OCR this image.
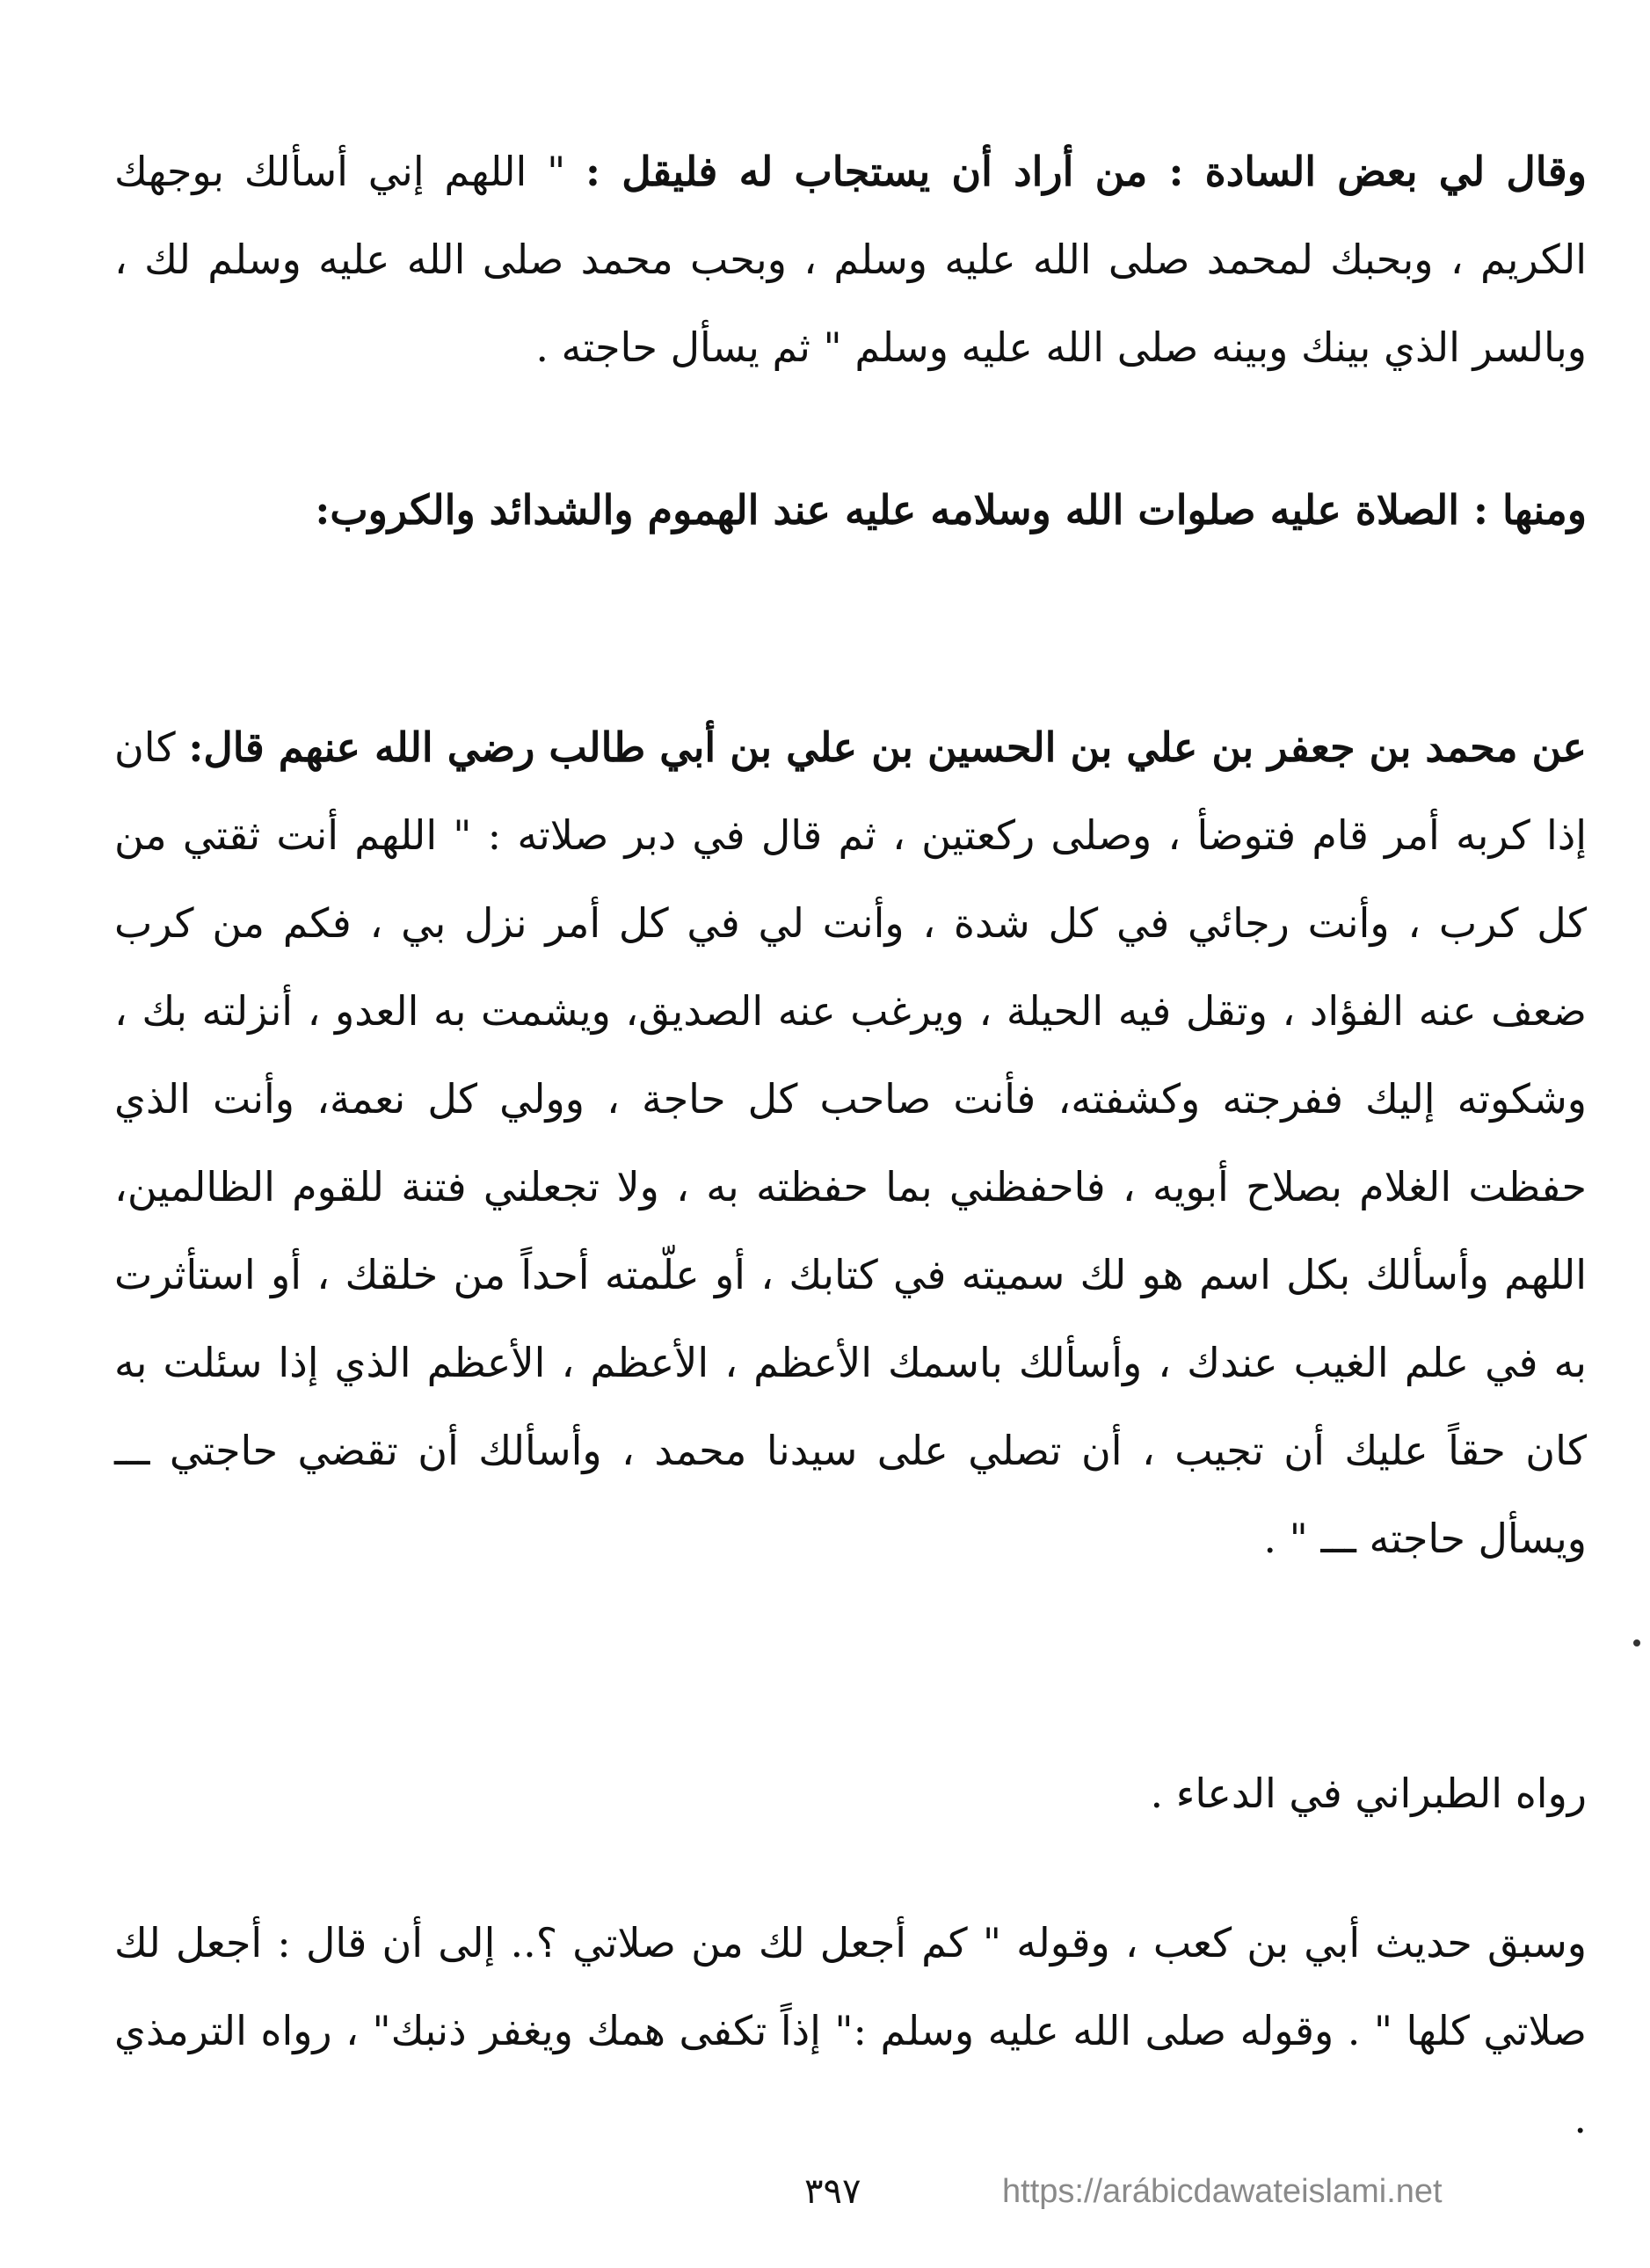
وقال لي بعض السادة : من أراد أن يستجاب له فليقل : " اللهم إني أسألك بوجهك الكريم ، وبحبك لمحمد صلى الله عليه وسلم ، وبحب محمد صلى الله عليه وسلم لك ، وبالسر الذي بينك وبينه صلى الله عليه وسلم " ثم يسأل حاجته .

ومنها : الصلاة عليه صلوات الله وسلامه عليه عند الهموم والشدائد والكروب:

عن محمد بن جعفر بن علي بن الحسين بن علي بن أبي طالب رضي الله عنهم قال: كان إذا كربه أمر قام فتوضأ ، وصلى ركعتين ، ثم قال في دبر صلاته : " اللهم أنت ثقتي من كل كرب ، وأنت رجائي في كل شدة ، وأنت لي في كل أمر نزل بي ، فكم من كرب ضعف عنه الفؤاد ، وتقل فيه الحيلة ، ويرغب عنه الصديق، ويشمت به العدو ، أنزلته بك ، وشكوته إليك ففرجته وكشفته، فأنت صاحب كل حاجة ، وولي كل نعمة، وأنت الذي حفظت الغلام بصلاح أبويه ، فاحفظني بما حفظته به ، ولا تجعلني فتنة للقوم الظالمين، اللهم وأسألك بكل اسم هو لك سميته في كتابك ، أو علّمته أحداً من خلقك ، أو استأثرت به في علم الغيب عندك ، وأسألك باسمك الأعظم ، الأعظم ، الأعظم الذي إذا سئلت به كان حقاً عليك أن تجيب ، أن تصلي على سيدنا محمد ، وأسألك أن تقضي حاجتي ـــ ويسأل حاجته ـــ " .

رواه الطبراني في الدعاء .

وسبق حديث أبي بن كعب ، وقوله " كم أجعل لك من صلاتي ؟.. إلى أن قال : أجعل لك صلاتي كلها " . وقوله صلى الله عليه وسلم :" إذاً تكفى همك ويغفر ذنبك" ، رواه الترمذي .

٣٩٧	https://arábicdawateislami.net
